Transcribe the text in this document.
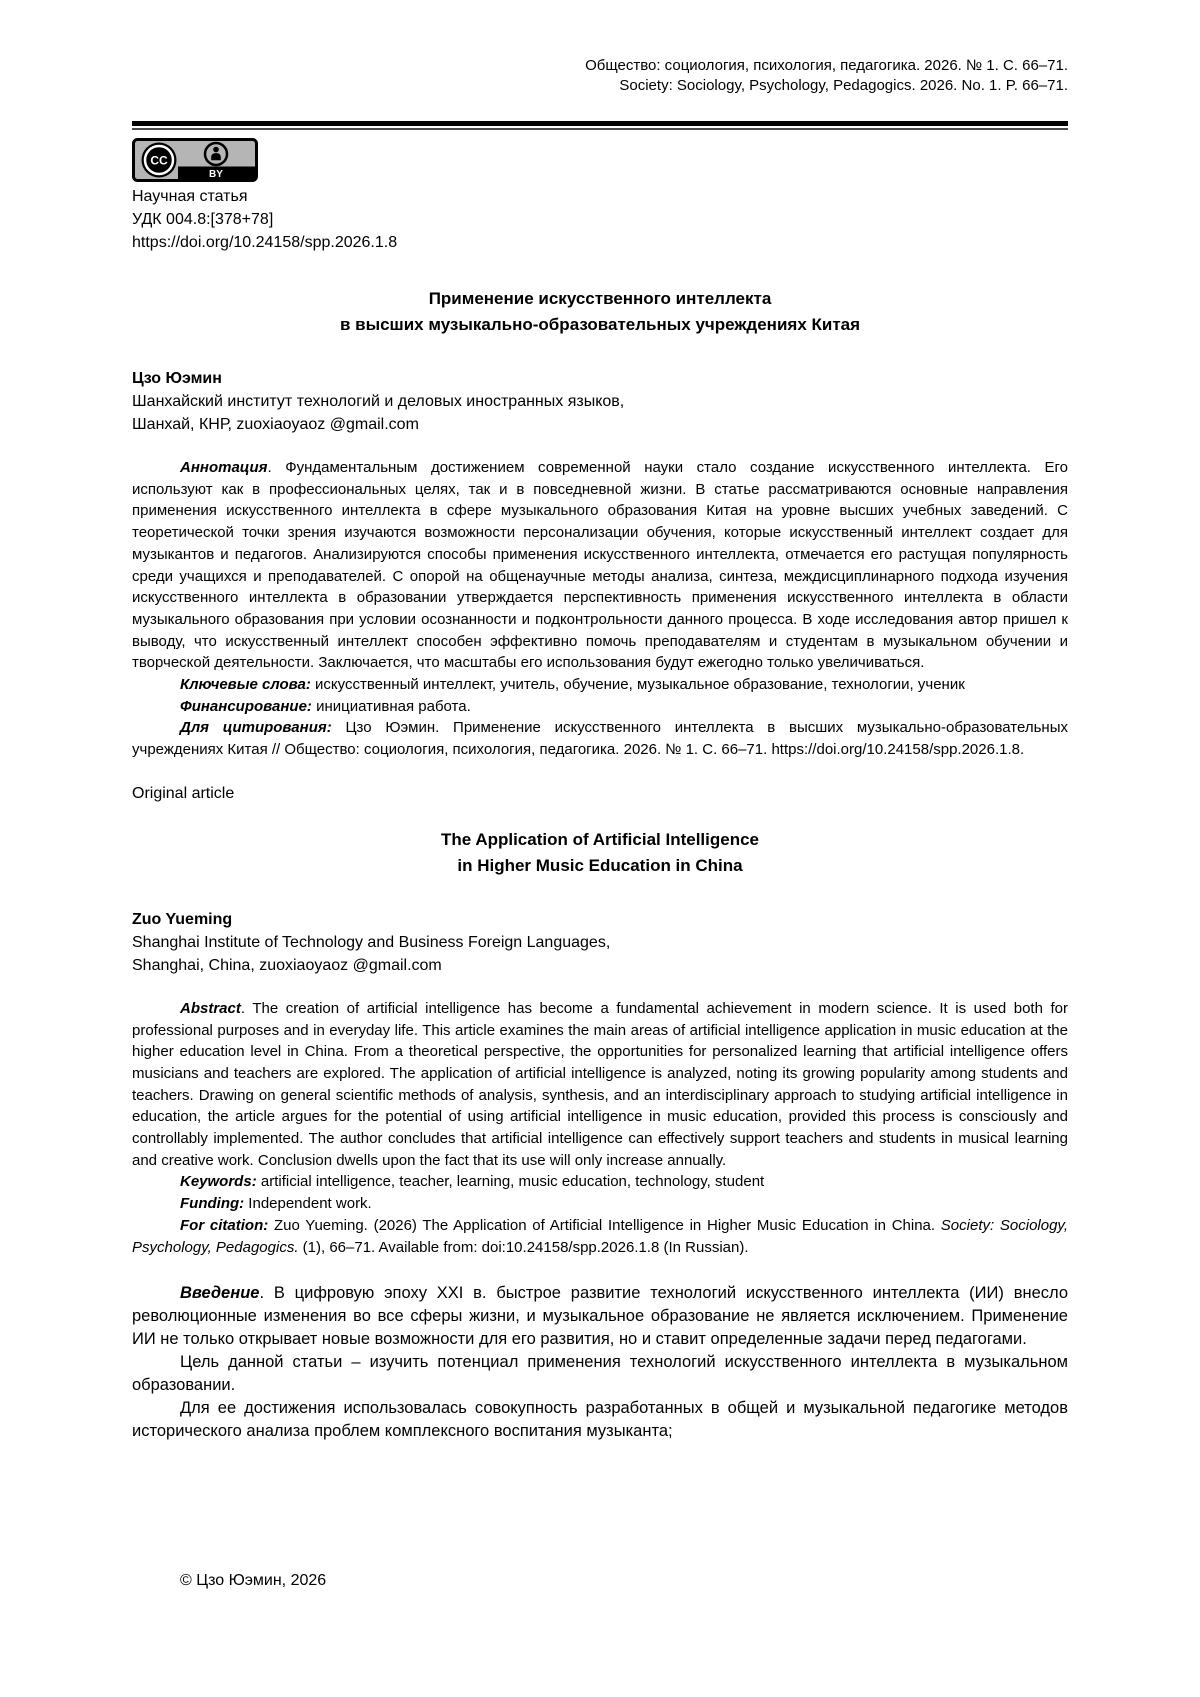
Общество: социология, психология, педагогика. 2026. № 1. С. 66–71.
Society: Sociology, Psychology, Pedagogics. 2026. No. 1. P. 66–71.
BY
CC
Научная статья
УДК 004.8:[378+78]
https://doi.org/10.24158/spp.2026.1.8
Применение искусственного интеллекта
в высших музыкально-образовательных учреждениях Китая
Цзо Юэмин
Шанхайский институт технологий и деловых иностранных языков,
Шанхай, КНР, zuoxiaoyaoz @gmail.com

Аннотация. Фундаментальным достижением современной науки стало создание искусственного интеллекта. Его используют как в профессиональных целях, так и в повседневной жизни. В статье рассматриваются основные направления применения искусственного интеллекта в сфере музыкального образования Китая на уровне высших учебных заведений. С теоретической точки зрения изучаются возможности персонализации обучения, которые искусственный интеллект создает для музыкантов и педагогов. Анализируются способы применения искусственного интеллекта, отмечается его растущая популярность среди учащихся и преподавателей. С опорой на общенаучные методы анализа, синтеза, междисциплинарного подхода изучения искусственного интеллекта в образовании утверждается перспективность применения искусственного интеллекта в области музыкального образования при условии осознанности и подконтрольности данного процесса. В ходе исследования автор пришел к выводу, что искусственный интеллект способен эффективно помочь преподавателям и студентам в музыкальном обучении и творческой деятельности. Заключается, что масштабы его использования будут ежегодно только увеличиваться.

Ключевые слова: искусственный интеллект, учитель, обучение, музыкальное образование, технологии, ученик

Финансирование: инициативная работа.

Для цитирования: Цзо Юэмин. Применение искусственного интеллекта в высших музыкально-образовательных учреждениях Китая // Общество: социология, психология, педагогика. 2026. № 1. С. 66–71. https://doi.org/10.24158/spp.2026.1.8.

Original article
The Application of Artificial Intelligence
in Higher Music Education in China
Zuo Yueming
Shanghai Institute of Technology and Business Foreign Languages,
Shanghai, China, zuoxiaoyaoz @gmail.com

Abstract. The creation of artificial intelligence has become a fundamental achievement in modern science. It is used both for professional purposes and in everyday life. This article examines the main areas of artificial intelligence application in music education at the higher education level in China. From a theoretical perspective, the opportunities for personalized learning that artificial intelligence offers musicians and teachers are explored. The application of artificial intelligence is analyzed, noting its growing popularity among students and teachers. Drawing on general scientific methods of analysis, synthesis, and an interdisciplinary approach to studying artificial intelligence in education, the article argues for the potential of using artificial intelligence in music education, provided this process is consciously and controllably implemented. The author concludes that artificial intelligence can effectively support teachers and students in musical learning and creative work. Conclusion dwells upon the fact that its use will only increase annually.

Keywords: artificial intelligence, teacher, learning, music education, technology, student

Funding: Independent work.

For citation: Zuo Yueming. (2026) The Application of Artificial Intelligence in Higher Music Education in China. Society: Sociology, Psychology, Pedagogics. (1), 66–71. Available from: doi:10.24158/spp.2026.1.8 (In Russian).

Введение. В цифровую эпоху XXI в. быстрое развитие технологий искусственного интеллекта (ИИ) внесло революционные изменения во все сферы жизни, и музыкальное образование не является исключением. Применение ИИ не только открывает новые возможности для его развития, но и ставит определенные задачи перед педагогами.

Цель данной статьи – изучить потенциал применения технологий искусственного интеллекта в музыкальном образовании.

Для ее достижения использовалась совокупность разработанных в общей и музыкальной педагогике методов исторического анализа проблем комплексного воспитания музыканта;

© Цзо Юэмин, 2026
